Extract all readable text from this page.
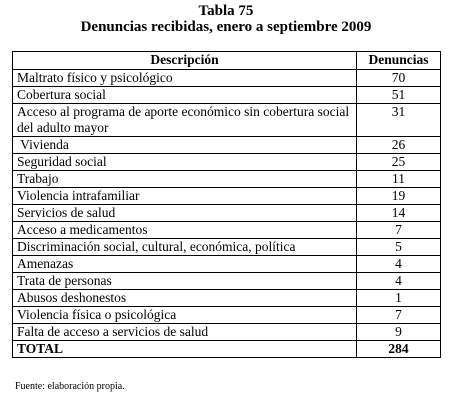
Tabla 75
Denuncias recibidas, enero a septiembre 2009
Descripción	Denuncias
Maltrato físico y psicológico	70
Cobertura social	51
Acceso al programa de aporte económico sin cobertura social del adulto mayor	31
Vivienda	26
Seguridad social	25
Trabajo	11
Violencia intrafamiliar	19
Servicios de salud	14
Acceso a medicamentos	7
Discriminación social, cultural, económica, política	5
Amenazas	4
Trata de personas	4
Abusos deshonestos	1
Violencia física o psicológica	7
Falta de acceso a servicios de salud	9
TOTAL	284
Fuente: elaboración propia.
